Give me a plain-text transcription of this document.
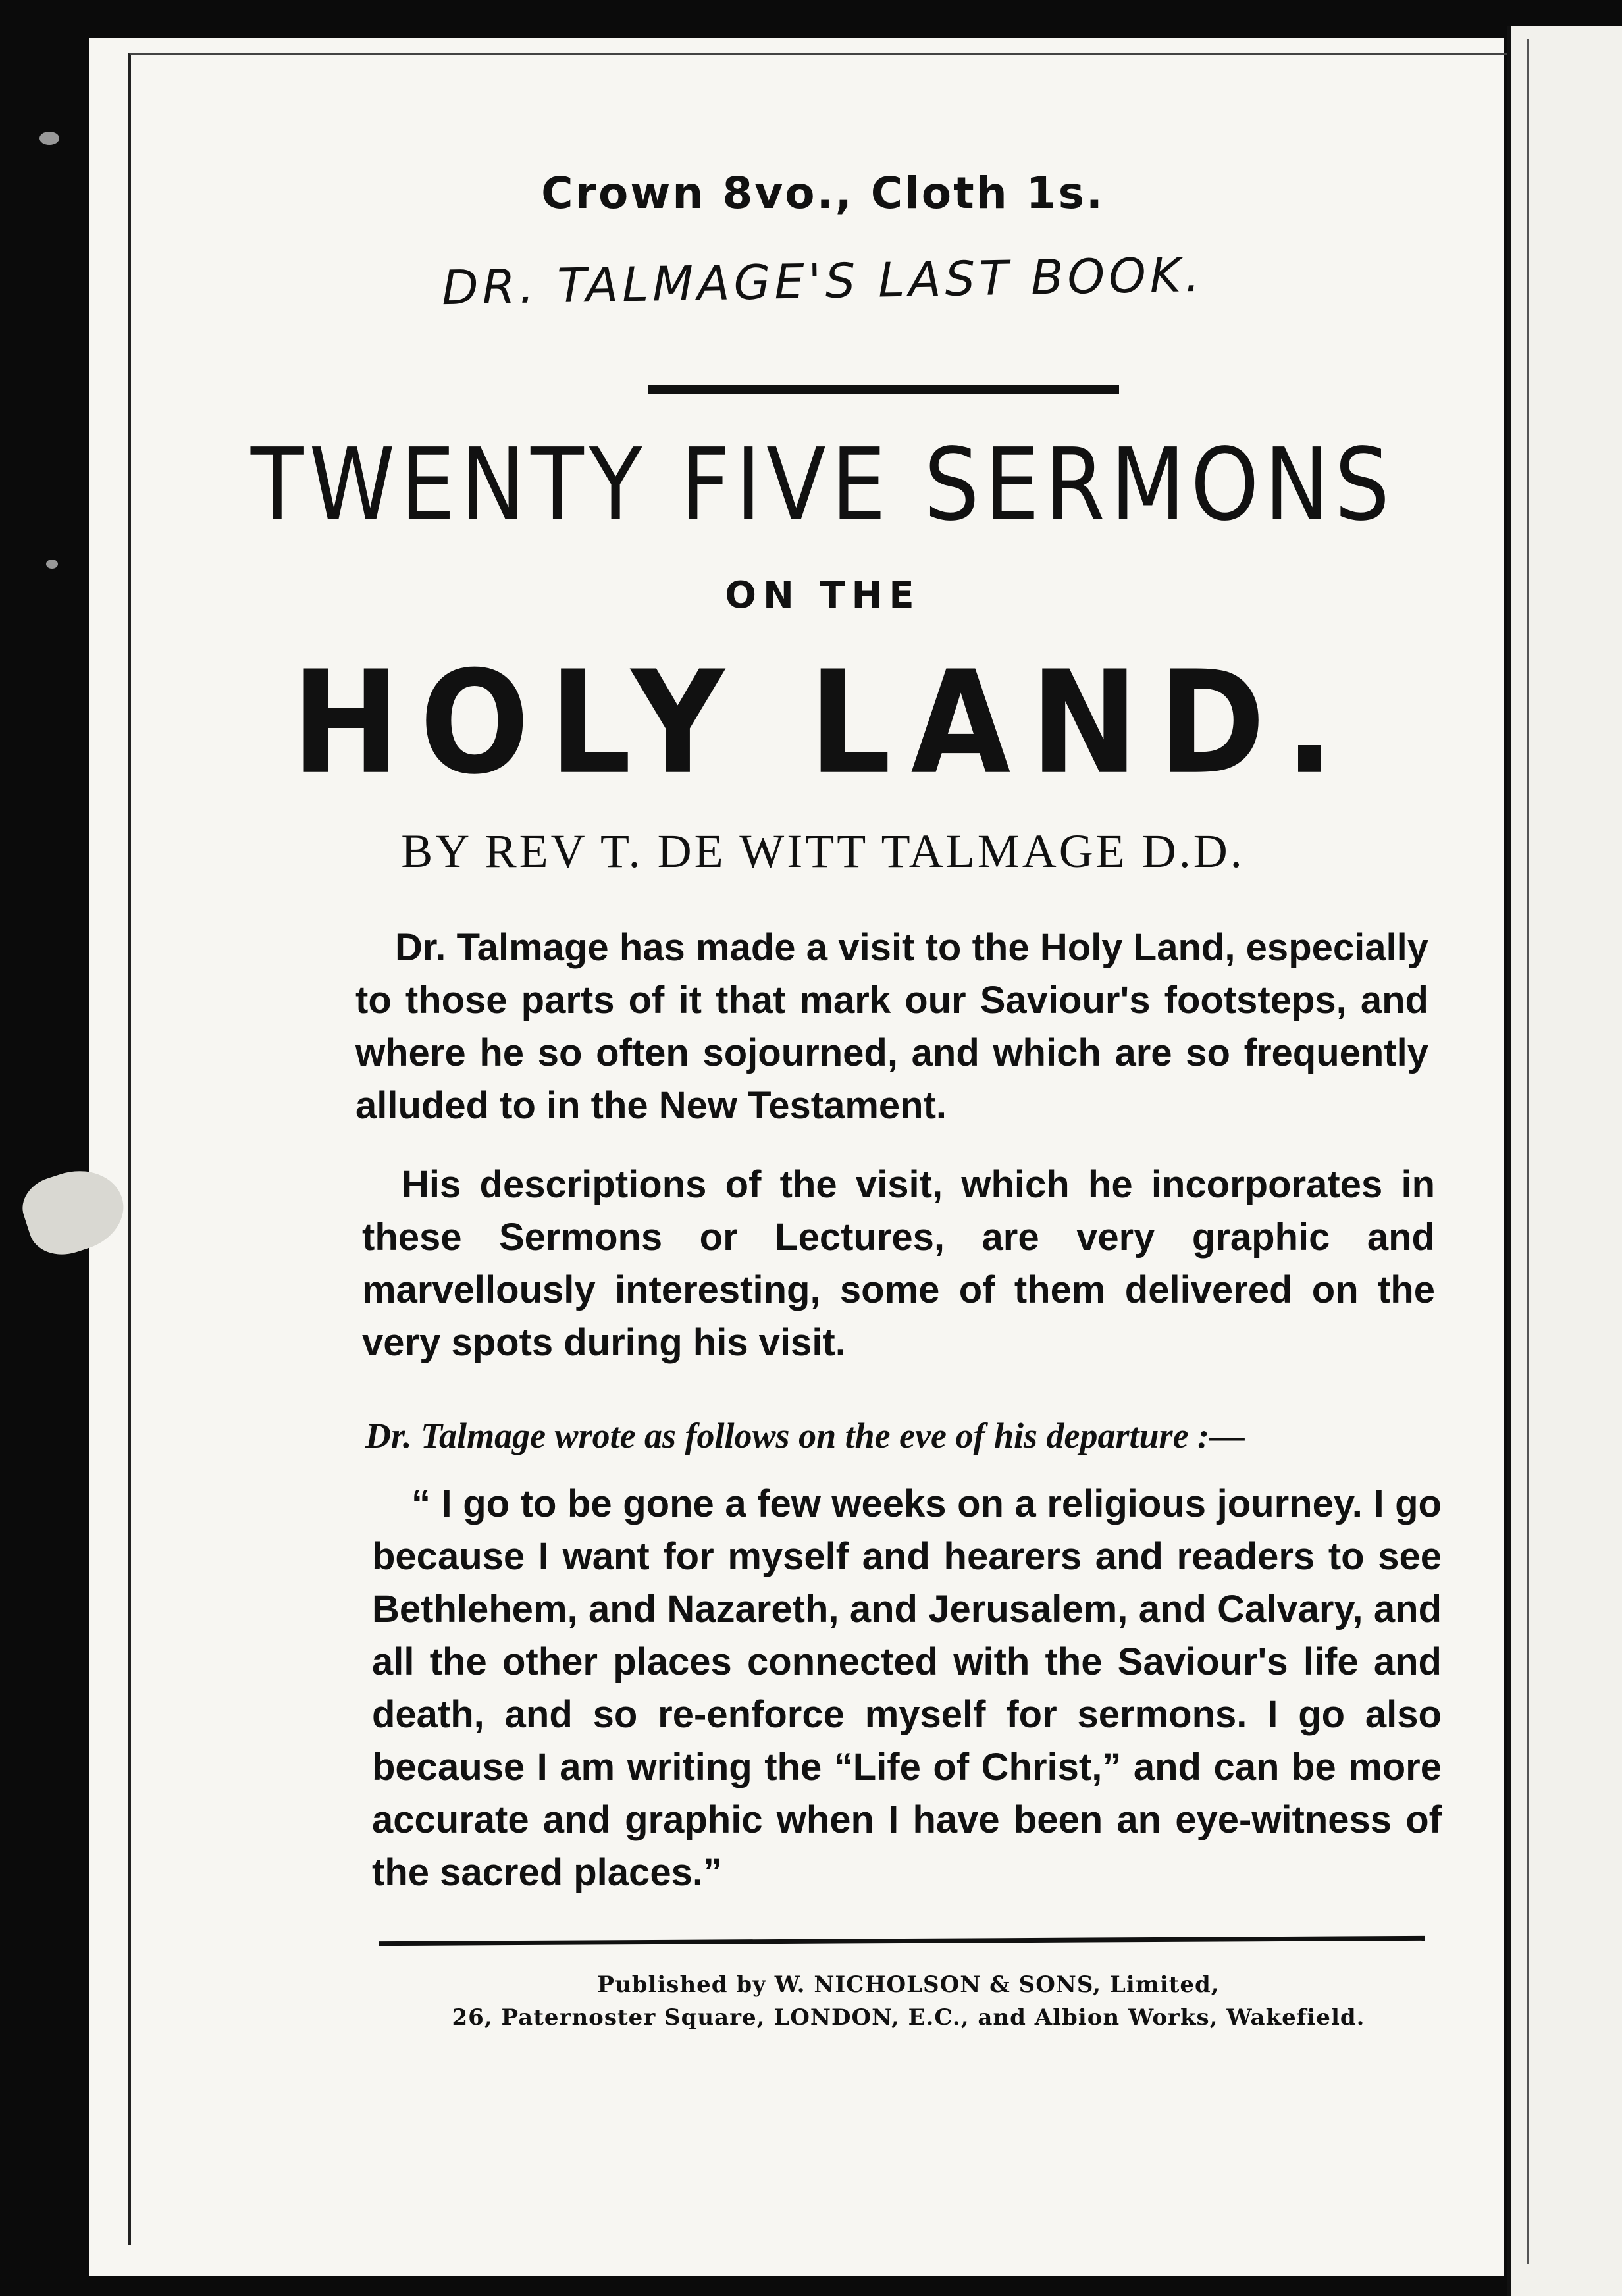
Crown 8vo., Cloth 1s.
DR. TALMAGE'S LAST BOOK.
TWENTY FIVE SERMONS
ON THE
HOLY LAND.
BY REV T. DE WITT TALMAGE D.D.
Dr. Talmage has made a visit to the Holy Land, especially to those parts of it that mark our Saviour's footsteps, and where he so often sojourned, and which are so frequently alluded to in the New Testament.
His descriptions of the visit, which he incorporates in these Sermons or Lectures, are very graphic and marvellously interesting, some of them delivered on the very spots during his visit.
Dr. Talmage wrote as follows on the eve of his departure :—
“ I go to be gone a few weeks on a religious journey. I go because I want for myself and hearers and readers to see Bethlehem, and Nazareth, and Jerusalem, and Calvary, and all the other places connected with the Saviour's life and death, and so re-enforce myself for sermons. I go also because I am writing the “Life of Christ,” and can be more accurate and graphic when I have been an eye-witness of the sacred places.”
Published by W. NICHOLSON & SONS, Limited,
26, Paternoster Square, LONDON, E.C., and Albion Works, Wakefield.
